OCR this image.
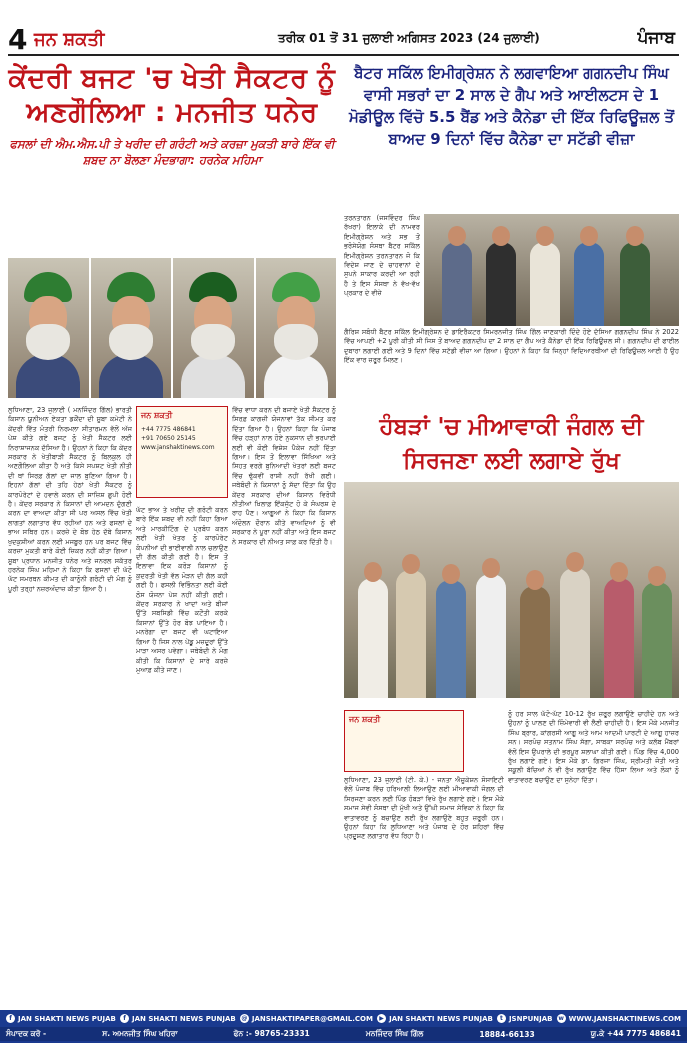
4 ਜਨ ਸ਼ਕਤੀ	ਤਰੀਕ 01 ਤੋਂ 31 ਜੁਲਾਈ ਅਗਿਸਤ 2023 (24 ਜੁਲਾਈ)	ਪੰਜਾਬ
ਕੇਂਦਰੀ ਬਜਟ 'ਚ ਖੇਤੀ ਸੈਕਟਰ ਨੂੰ ਅਣਗੌਲਿਆ : ਮਨਜੀਤ ਧਨੇਰ
ਫਸਲਾਂ ਦੀ ਐਮ.ਐਸ.ਪੀ ਤੇ ਖਰੀਦ ਦੀ ਗਰੰਟੀ ਅਤੇ ਕਰਜ਼ਾ ਮੁਕਤੀ ਬਾਰੇ ਇੱਕ ਵੀ ਸ਼ਬਦ ਨਾ ਬੋਲਣਾ ਮੰਦਭਾਗਾ: ਹਰਨੇਕ ਮਹਿਮਾ
ਲੁਧਿਆਣਾ, 23 ਜੁਲਾਈ ( ਮਨਜਿੰਦਰ ਗਿੱਲ) ਭਾਰਤੀ ਕਿਸਾਨ ਯੂਨੀਅਨ ਏਕਤਾ ਡਕੌਂਦਾ ਦੀ ਸੂਬਾ ਕਮੇਟੀ ਨੇ ਕੇਂਦਰੀ ਵਿੱਤ ਮੰਤਰੀ ਨਿਰਮਲਾ ਸੀਤਾਰਮਨ ਵੱਲੋਂ ਅੱਜ ਪੇਸ਼ ਕੀਤੇ ਗਏ ਬਜਟ ਨੂੰ ਖੇਤੀ ਸੈਕਟਰ ਲਈ ਨਿਰਾਸ਼ਾਜਨਕ ਦੱਸਿਆ ਹੈ। ਉਹਨਾਂ ਨੇ ਕਿਹਾ ਕਿ ਕੇਂਦਰ ਸਰਕਾਰ ਨੇ ਖੇਤੀਬਾੜੀ ਸੈਕਟਰ ਨੂੰ ਬਿਲਕੁਲ ਹੀ ਅਣਗੌਲਿਆ ਕੀਤਾ ਹੈ ਅਤੇ ਕਿਸੇ ਸਪਸ਼ਟ ਖੇਤੀ ਨੀਤੀ ਦੀ ਥਾਂ ਸਿਰਫ਼ ਗੱਲਾਂ ਦਾ ਜਾਲ ਬੁਣਿਆ ਗਿਆ ਹੈ। ਇਹਨਾਂ ਗੱਲਾਂ ਦੀ ਤਹਿ ਹੇਠਾਂ ਖੇਤੀ ਸੈਕਟਰ ਨੂੰ ਕਾਰਪੋਰੇਟਾਂ ਦੇ ਹਵਾਲੇ ਕਰਨ ਦੀ ਸਾਜ਼ਿਸ਼ ਛੁਪੀ ਹੋਈ ਹੈ। ਕੇਂਦਰ ਸਰਕਾਰ ਨੇ ਕਿਸਾਨਾਂ ਦੀ ਆਮਦਨ ਦੁੱਗਣੀ ਕਰਨ ਦਾ ਵਾਅਦਾ ਕੀਤਾ ਸੀ ਪਰ ਅਸਲ ਵਿੱਚ ਖੇਤੀ ਲਾਗਤਾਂ ਲਗਾਤਾਰ ਵੱਧ ਰਹੀਆਂ ਹਨ ਅਤੇ ਫਸਲਾਂ ਦੇ ਭਾਅ ਸਥਿਰ ਹਨ। ਕਰਜ਼ੇ ਦੇ ਬੋਝ ਹੇਠ ਦੱਬੇ ਕਿਸਾਨ ਖੁਦਕੁਸ਼ੀਆਂ ਕਰਨ ਲਈ ਮਜਬੂਰ ਹਨ ਪਰ ਬਜਟ ਵਿੱਚ ਕਰਜ਼ਾ ਮੁਕਤੀ ਬਾਰੇ ਕੋਈ ਜ਼ਿਕਰ ਨਹੀਂ ਕੀਤਾ ਗਿਆ। ਸੂਬਾ ਪ੍ਰਧਾਨ ਮਨਜੀਤ ਧਨੇਰ ਅਤੇ ਜਨਰਲ ਸਕੱਤਰ ਹਰਨੇਕ ਸਿੰਘ ਮਹਿਮਾ ਨੇ ਕਿਹਾ ਕਿ ਫਸਲਾਂ ਦੀ ਘੱਟੋ ਘੱਟ ਸਮਰਥਨ ਕੀਮਤ ਦੀ ਕਾਨੂੰਨੀ ਗਰੰਟੀ ਦੀ ਮੰਗ ਨੂੰ ਪੂਰੀ ਤਰ੍ਹਾਂ ਨਜ਼ਰਅੰਦਾਜ਼ ਕੀਤਾ ਗਿਆ ਹੈ।
ਜਨ ਸ਼ਕਤੀ
+44 7775 486841
+91 70650 25145
www.janshaktinews.com
ਘੱਟ ਭਾਅ ਤੇ ਖਰੀਦ ਦੀ ਗਰੰਟੀ ਕਰਨ ਬਾਰੇ ਇੱਕ ਸ਼ਬਦ ਵੀ ਨਹੀਂ ਕਿਹਾ ਗਿਆ ਅਤੇ ਮਾਰਕੀਟਿੰਗ ਦੇ ਪ੍ਰਬੰਧ ਕਰਨ ਲਈ ਖੇਤੀ ਖੇਤਰ ਨੂੰ ਕਾਰਪੋਰੇਟ ਕੰਪਨੀਆਂ ਦੀ ਭਾਈਵਾਲੀ ਨਾਲ ਚਲਾਉਣ ਦੀ ਗੱਲ ਕੀਤੀ ਗਈ ਹੈ। ਇਸ ਤੋਂ ਇਲਾਵਾ ਇਕ ਕਰੋੜ ਕਿਸਾਨਾਂ ਨੂੰ ਕੁਦਰਤੀ ਖੇਤੀ ਵੱਲ ਮੋੜਨ ਦੀ ਗੱਲ ਕਹੀ ਗਈ ਹੈ। ਫਸਲੀ ਵਿਭਿੰਨਤਾ ਲਈ ਕੋਈ ਠੋਸ ਯੋਜਨਾ ਪੇਸ਼ ਨਹੀਂ ਕੀਤੀ ਗਈ। ਕੇਂਦਰ ਸਰਕਾਰ ਨੇ ਖਾਦਾਂ ਅਤੇ ਬੀਜਾਂ ਉੱਤੇ ਸਬਸਿਡੀ ਵਿੱਚ ਕਟੌਤੀ ਕਰਕੇ ਕਿਸਾਨਾਂ ਉੱਤੇ ਹੋਰ ਬੋਝ ਪਾਇਆ ਹੈ। ਮਨਰੇਗਾ ਦਾ ਬਜਟ ਵੀ ਘਟਾਇਆ ਗਿਆ ਹੈ ਜਿਸ ਨਾਲ ਪੇਂਡੂ ਮਜ਼ਦੂਰਾਂ ਉੱਤੇ ਮਾੜਾ ਅਸਰ ਪਵੇਗਾ। ਜਥੇਬੰਦੀ ਨੇ ਮੰਗ ਕੀਤੀ ਕਿ ਕਿਸਾਨਾਂ ਦੇ ਸਾਰੇ ਕਰਜ਼ੇ ਮੁਆਫ਼ ਕੀਤੇ ਜਾਣ।
ਵਿੱਚ ਵਾਧਾ ਕਰਨ ਦੀ ਬਜਾਏ ਖੇਤੀ ਸੈਕਟਰ ਨੂੰ ਸਿਰਫ਼ ਕਾਗਜ਼ੀ ਯੋਜਨਾਵਾਂ ਤੱਕ ਸੀਮਤ ਕਰ ਦਿੱਤਾ ਗਿਆ ਹੈ। ਉਹਨਾਂ ਕਿਹਾ ਕਿ ਪੰਜਾਬ ਵਿੱਚ ਹੜ੍ਹਾਂ ਨਾਲ ਹੋਏ ਨੁਕਸਾਨ ਦੀ ਭਰਪਾਈ ਲਈ ਵੀ ਕੋਈ ਵਿਸ਼ੇਸ਼ ਪੈਕੇਜ ਨਹੀਂ ਦਿੱਤਾ ਗਿਆ। ਇਸ ਤੋਂ ਇਲਾਵਾ ਸਿੱਖਿਆ ਅਤੇ ਸਿਹਤ ਵਰਗੇ ਬੁਨਿਆਦੀ ਖੇਤਰਾਂ ਲਈ ਬਜਟ ਵਿੱਚ ਢੁੱਕਵੀਂ ਰਾਸ਼ੀ ਨਹੀਂ ਰੱਖੀ ਗਈ। ਜਥੇਬੰਦੀ ਨੇ ਕਿਸਾਨਾਂ ਨੂੰ ਸੱਦਾ ਦਿੱਤਾ ਕਿ ਉਹ ਕੇਂਦਰ ਸਰਕਾਰ ਦੀਆਂ ਕਿਸਾਨ ਵਿਰੋਧੀ ਨੀਤੀਆਂ ਖ਼ਿਲਾਫ਼ ਇੱਕਜੁੱਟ ਹੋ ਕੇ ਸੰਘਰਸ਼ ਦੇ ਰਾਹ ਪੈਣ। ਆਗੂਆਂ ਨੇ ਕਿਹਾ ਕਿ ਕਿਸਾਨ ਅੰਦੋਲਨ ਦੌਰਾਨ ਕੀਤੇ ਵਾਅਦਿਆਂ ਨੂੰ ਵੀ ਸਰਕਾਰ ਨੇ ਪੂਰਾ ਨਹੀਂ ਕੀਤਾ ਅਤੇ ਇਸ ਬਜਟ ਨੇ ਸਰਕਾਰ ਦੀ ਨੀਅਤ ਸਾਫ਼ ਕਰ ਦਿੱਤੀ ਹੈ।
ਬੈਟਰ ਸਕਿੱਲ ਇਮੀਗ੍ਰੇਸ਼ਨ ਨੇ ਲਗਵਾਇਆ ਗਗਨਦੀਪ ਸਿੰਘ ਵਾਸੀ ਸਭਰਾਂ ਦਾ 2 ਸਾਲ ਦੇ ਗੈਪ ਅਤੇ ਆਈਲਟਸ ਦੇ 1 ਮੋਡੀਊਲ ਵਿੱਚੋ 5.5 ਬੈਂਡ ਅਤੇ ਕੈਨੇਡਾ ਦੀ ਇੱਕ ਰਿਫਿਊਜ਼ਲ ਤੋਂ ਬਾਅਦ 9 ਦਿਨਾਂ ਵਿੱਚ ਕੈਨੇਡਾ ਦਾ ਸਟੱਡੀ ਵੀਜ਼ਾ
ਤਰਨਤਾਰਨ (ਜਸਵਿੰਦਰ ਸਿੰਘ ਰੱਖਰਾ) ਇਲਾਕੇ ਦੀ ਨਾਮਵਰ ਇਮੀਗ੍ਰੇਸ਼ਨ ਅਤੇ ਸਭ ਤੋਂ ਭਰੋਸੇਯੋਗ ਸੰਸਥਾ ਬੈਟਰ ਸਕਿੱਲ ਇਮੀਗ੍ਰੇਸ਼ਨ ਤਰਨਤਾਰਨ ਜੋ ਕਿ ਵਿਦੇਸ਼ ਜਾਣ ਦੇ ਚਾਹਵਾਨਾਂ ਦੇ ਸੁਪਨੇ ਸਾਕਾਰ ਕਰਦੀ ਆ ਰਹੀ ਹੈ ਤੇ ਇਸ ਸੰਸਥਾ ਨੇ ਵੱਖ-ਵੱਖ ਪ੍ਰਕਾਰ ਦੇ ਵੀਜ਼ੇ
ਗੈਰਿਸ਼ ਸਬੰਧੀ ਬੈਟਰ ਸਕਿੱਲ ਇਮੀਗ੍ਰੇਸ਼ਨ ਦੇ ਡਾਇਰੈਕਟਰ ਸਿਮਰਨਜੀਤ ਸਿੰਘ ਗਿੱਲ ਜਾਣਕਾਰੀ ਦਿੰਦੇ ਹੋਏ ਦੱਸਿਆ ਗਗਨਦੀਪ ਸਿੰਘ ਨੇ 2022 ਵਿੱਚ ਆਪਣੀ +2 ਪੂਰੀ ਕੀਤੀ ਸੀ ਜਿਸ ਤੋਂ ਬਾਅਦ ਗਗਨਦੀਪ ਦਾ 2 ਸਾਲ ਦਾ ਗੈਪ ਅਤੇ ਕੈਨੇਡਾ ਦੀ ਇੱਕ ਰਿਫਿਊਜ਼ਲ ਸੀ। ਗਗਨਦੀਪ ਦੀ ਫਾਈਲ ਦੁਬਾਰਾ ਲਗਾਈ ਗਈ ਅਤੇ 9 ਦਿਨਾਂ ਵਿੱਚ ਸਟੱਡੀ ਵੀਜ਼ਾ ਆ ਗਿਆ। ਉਹਨਾਂ ਨੇ ਕਿਹਾ ਕਿ ਜਿਨ੍ਹਾਂ ਵਿਦਿਆਰਥੀਆਂ ਦੀ ਰਿਫਿਊਜ਼ਲ ਆਈ ਹੈ ਉਹ ਇੱਕ ਵਾਰ ਜ਼ਰੂਰ ਮਿਲਣ।
ਹੰਬੜਾਂ 'ਚ ਮੀਆਵਾਕੀ ਜੰਗਲ ਦੀ ਸਿਰਜਣਾ ਲਈ ਲਗਾਏ ਰੁੱਖ
ਜਨ ਸ਼ਕਤੀ
ਲੁਧਿਆਣਾ, 23 ਜੁਲਾਈ (ਟੀ. ਕੇ.) - ਜਨਤਾ ਐਜੂਕੇਸ਼ਨ ਸੋਸਾਇਟੀ ਵੱਲੋਂ ਪੰਜਾਬ ਵਿੱਚ ਹਰਿਆਲੀ ਲਿਆਉਣ ਲਈ ਮੀਆਵਾਕੀ ਜੰਗਲ ਦੀ ਸਿਰਜਣਾ ਕਰਨ ਲਈ ਪਿੰਡ ਹੰਬੜਾਂ ਵਿਖੇ ਰੁੱਖ ਲਗਾਏ ਗਏ। ਇਸ ਮੌਕੇ ਸਮਾਜ ਸੇਵੀ ਸੰਸਥਾ ਦੀ ਮੁੱਖੀ ਅਤੇ ਉੱਘੀ ਸਮਾਜ ਸੇਵਿਕਾ ਨੇ ਕਿਹਾ ਕਿ ਵਾਤਾਵਰਣ ਨੂੰ ਬਚਾਉਣ ਲਈ ਰੁੱਖ ਲਗਾਉਣੇ ਬਹੁਤ ਜ਼ਰੂਰੀ ਹਨ। ਉਹਨਾਂ ਕਿਹਾ ਕਿ ਲੁਧਿਆਣਾ ਅਤੇ ਪੰਜਾਬ ਦੇ ਹੋਰ ਸ਼ਹਿਰਾਂ ਵਿੱਚ ਪ੍ਰਦੂਸ਼ਣ ਲਗਾਤਾਰ ਵੱਧ ਰਿਹਾ ਹੈ।
ਨੂੰ ਹਰ ਸਾਲ ਘੱਟੋ-ਘੱਟ 10-12 ਰੁੱਖ ਜ਼ਰੂਰ ਲਗਾਉਣੇ ਚਾਹੀਦੇ ਹਨ ਅਤੇ ਉਹਨਾਂ ਨੂੰ ਪਾਲਣ ਦੀ ਜ਼ਿੰਮੇਵਾਰੀ ਵੀ ਲੈਣੀ ਚਾਹੀਦੀ ਹੈ। ਇਸ ਮੌਕੇ ਮਨਜੀਤ ਸਿੰਘ ਬ੍ਰਾਰ, ਕਾਂਗਰਸੀ ਆਗੂ ਅਤੇ ਆਮ ਆਦਮੀ ਪਾਰਟੀ ਦੇ ਆਗੂ ਹਾਜ਼ਰ ਸਨ। ਸਰਪੰਚ ਸਤਨਾਮ ਸਿੰਘ ਸੱਗਾ, ਸਾਬਕਾ ਸਰਪੰਚ ਅਤੇ ਕਲੱਬ ਮੈਂਬਰਾਂ ਵੱਲੋਂ ਇਸ ਉਪਰਾਲੇ ਦੀ ਭਰਪੂਰ ਸ਼ਲਾਘਾ ਕੀਤੀ ਗਈ। ਪਿੰਡ ਵਿੱਚ 4,000 ਰੁੱਖ ਲਗਾਏ ਗਏ। ਇਸ ਮੌਕੇ ਡਾ. ਗਿਰਜਾ ਸਿੰਘ, ਸ੍ਰੀਮਤੀ ਜੋਤੀ ਅਤੇ ਸਕੂਲੀ ਬੱਚਿਆਂ ਨੇ ਵੀ ਰੁੱਖ ਲਗਾਉਣ ਵਿੱਚ ਹਿੱਸਾ ਲਿਆ ਅਤੇ ਲੋਕਾਂ ਨੂੰ ਵਾਤਾਵਰਣ ਬਚਾਉਣ ਦਾ ਸੁਨੇਹਾ ਦਿੱਤਾ।
f JAN SHAKTI NEWS PUJAB	f JAN SHAKTI NEWS PUNJAB @ JANSHAKTIPAPER@GMAIL.COM	▶ JAN SHAKTI NEWS PUNJAB	t JSNPUNJAB w WWW.JANSHAKTINEWS.COM
ਸੰਪਾਦਕ ਕਰੋ -	ਸ. ਅਮਨਜੀਤ ਸਿੰਘ ਖਹਿਰਾ	ਫੋਨ :- 98765-23331	ਮਨਜਿੰਦਰ ਸਿੰਘ ਗਿੱਲ	18884-66133	ਯੂ.ਕੇ +44 7775 486841
